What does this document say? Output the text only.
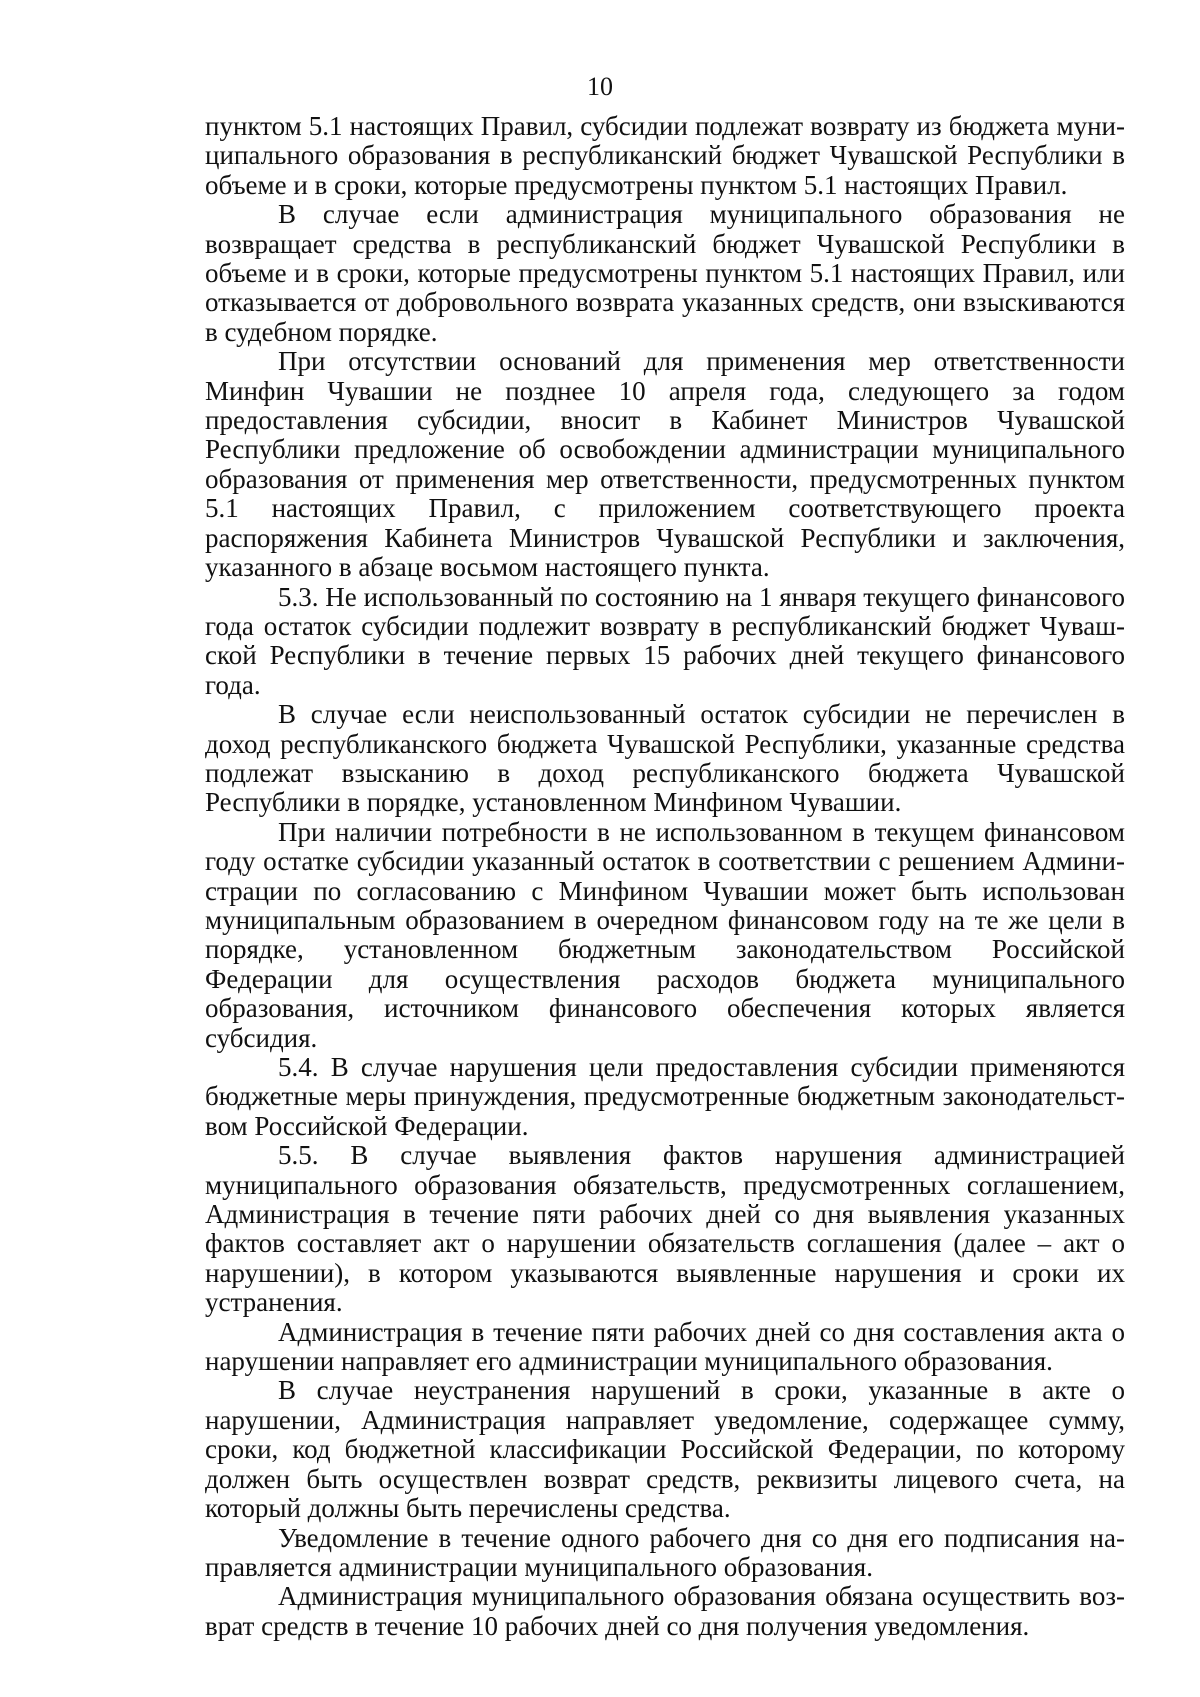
10

пунктом 5.1 настоящих Правил, субсидии подлежат возврату из бюджета муниципального образования в республиканский бюджет Чувашской Республики в объеме и в сроки, которые предусмотрены пунктом 5.1 настоящих Правил.

В случае если администрация муниципального образования не возвращает средства в республиканский бюджет Чувашской Республики в объеме и в сроки, которые предусмотрены пунктом 5.1 настоящих Правил, или отказывается от добровольного возврата указанных средств, они взыскиваются в судебном порядке.

При отсутствии оснований для применения мер ответственности Минфин Чувашии не позднее 10 апреля года, следующего за годом предоставления субсидии, вносит в Кабинет Министров Чувашской Республики предложение об освобождении администрации муниципального образования от применения мер ответственности, предусмотренных пунктом 5.1 настоящих Правил, с приложением соответствующего проекта распоряжения Кабинета Министров Чувашской Республики и заключения, указанного в абзаце восьмом настоящего пункта.

5.3. Не использованный по состоянию на 1 января текущего финансового года остаток субсидии подлежит возврату в республиканский бюджет Чувашской Республики в течение первых 15 рабочих дней текущего финансового года.

В случае если неиспользованный остаток субсидии не перечислен в доход республиканского бюджета Чувашской Республики, указанные средства подлежат взысканию в доход республиканского бюджета Чувашской Республики в порядке, установленном Минфином Чувашии.

При наличии потребности в не использованном в текущем финансовом году остатке субсидии указанный остаток в соответствии с решением Администрации по согласованию с Минфином Чувашии может быть использован муниципальным образованием в очередном финансовом году на те же цели в порядке, установленном бюджетным законодательством Российской Федерации для осуществления расходов бюджета муниципального образования, источником финансового обеспечения которых является субсидия.

5.4. В случае нарушения цели предоставления субсидии применяются бюджетные меры принуждения, предусмотренные бюджетным законодательством Российской Федерации.

5.5. В случае выявления фактов нарушения администрацией муниципального образования обязательств, предусмотренных соглашением, Администрация в течение пяти рабочих дней со дня выявления указанных фактов составляет акт о нарушении обязательств соглашения (далее – акт о нарушении), в котором указываются выявленные нарушения и сроки их устранения.

Администрация в течение пяти рабочих дней со дня составления акта о нарушении направляет его администрации муниципального образования.

В случае неустранения нарушений в сроки, указанные в акте о нарушении, Администрация направляет уведомление, содержащее сумму, сроки, код бюджетной классификации Российской Федерации, по которому должен быть осуществлен возврат средств, реквизиты лицевого счета, на который должны быть перечислены средства.

Уведомление в течение одного рабочего дня со дня его подписания направляется администрации муниципального образования.

Администрация муниципального образования обязана осуществить возврат средств в течение 10 рабочих дней со дня получения уведомления.
